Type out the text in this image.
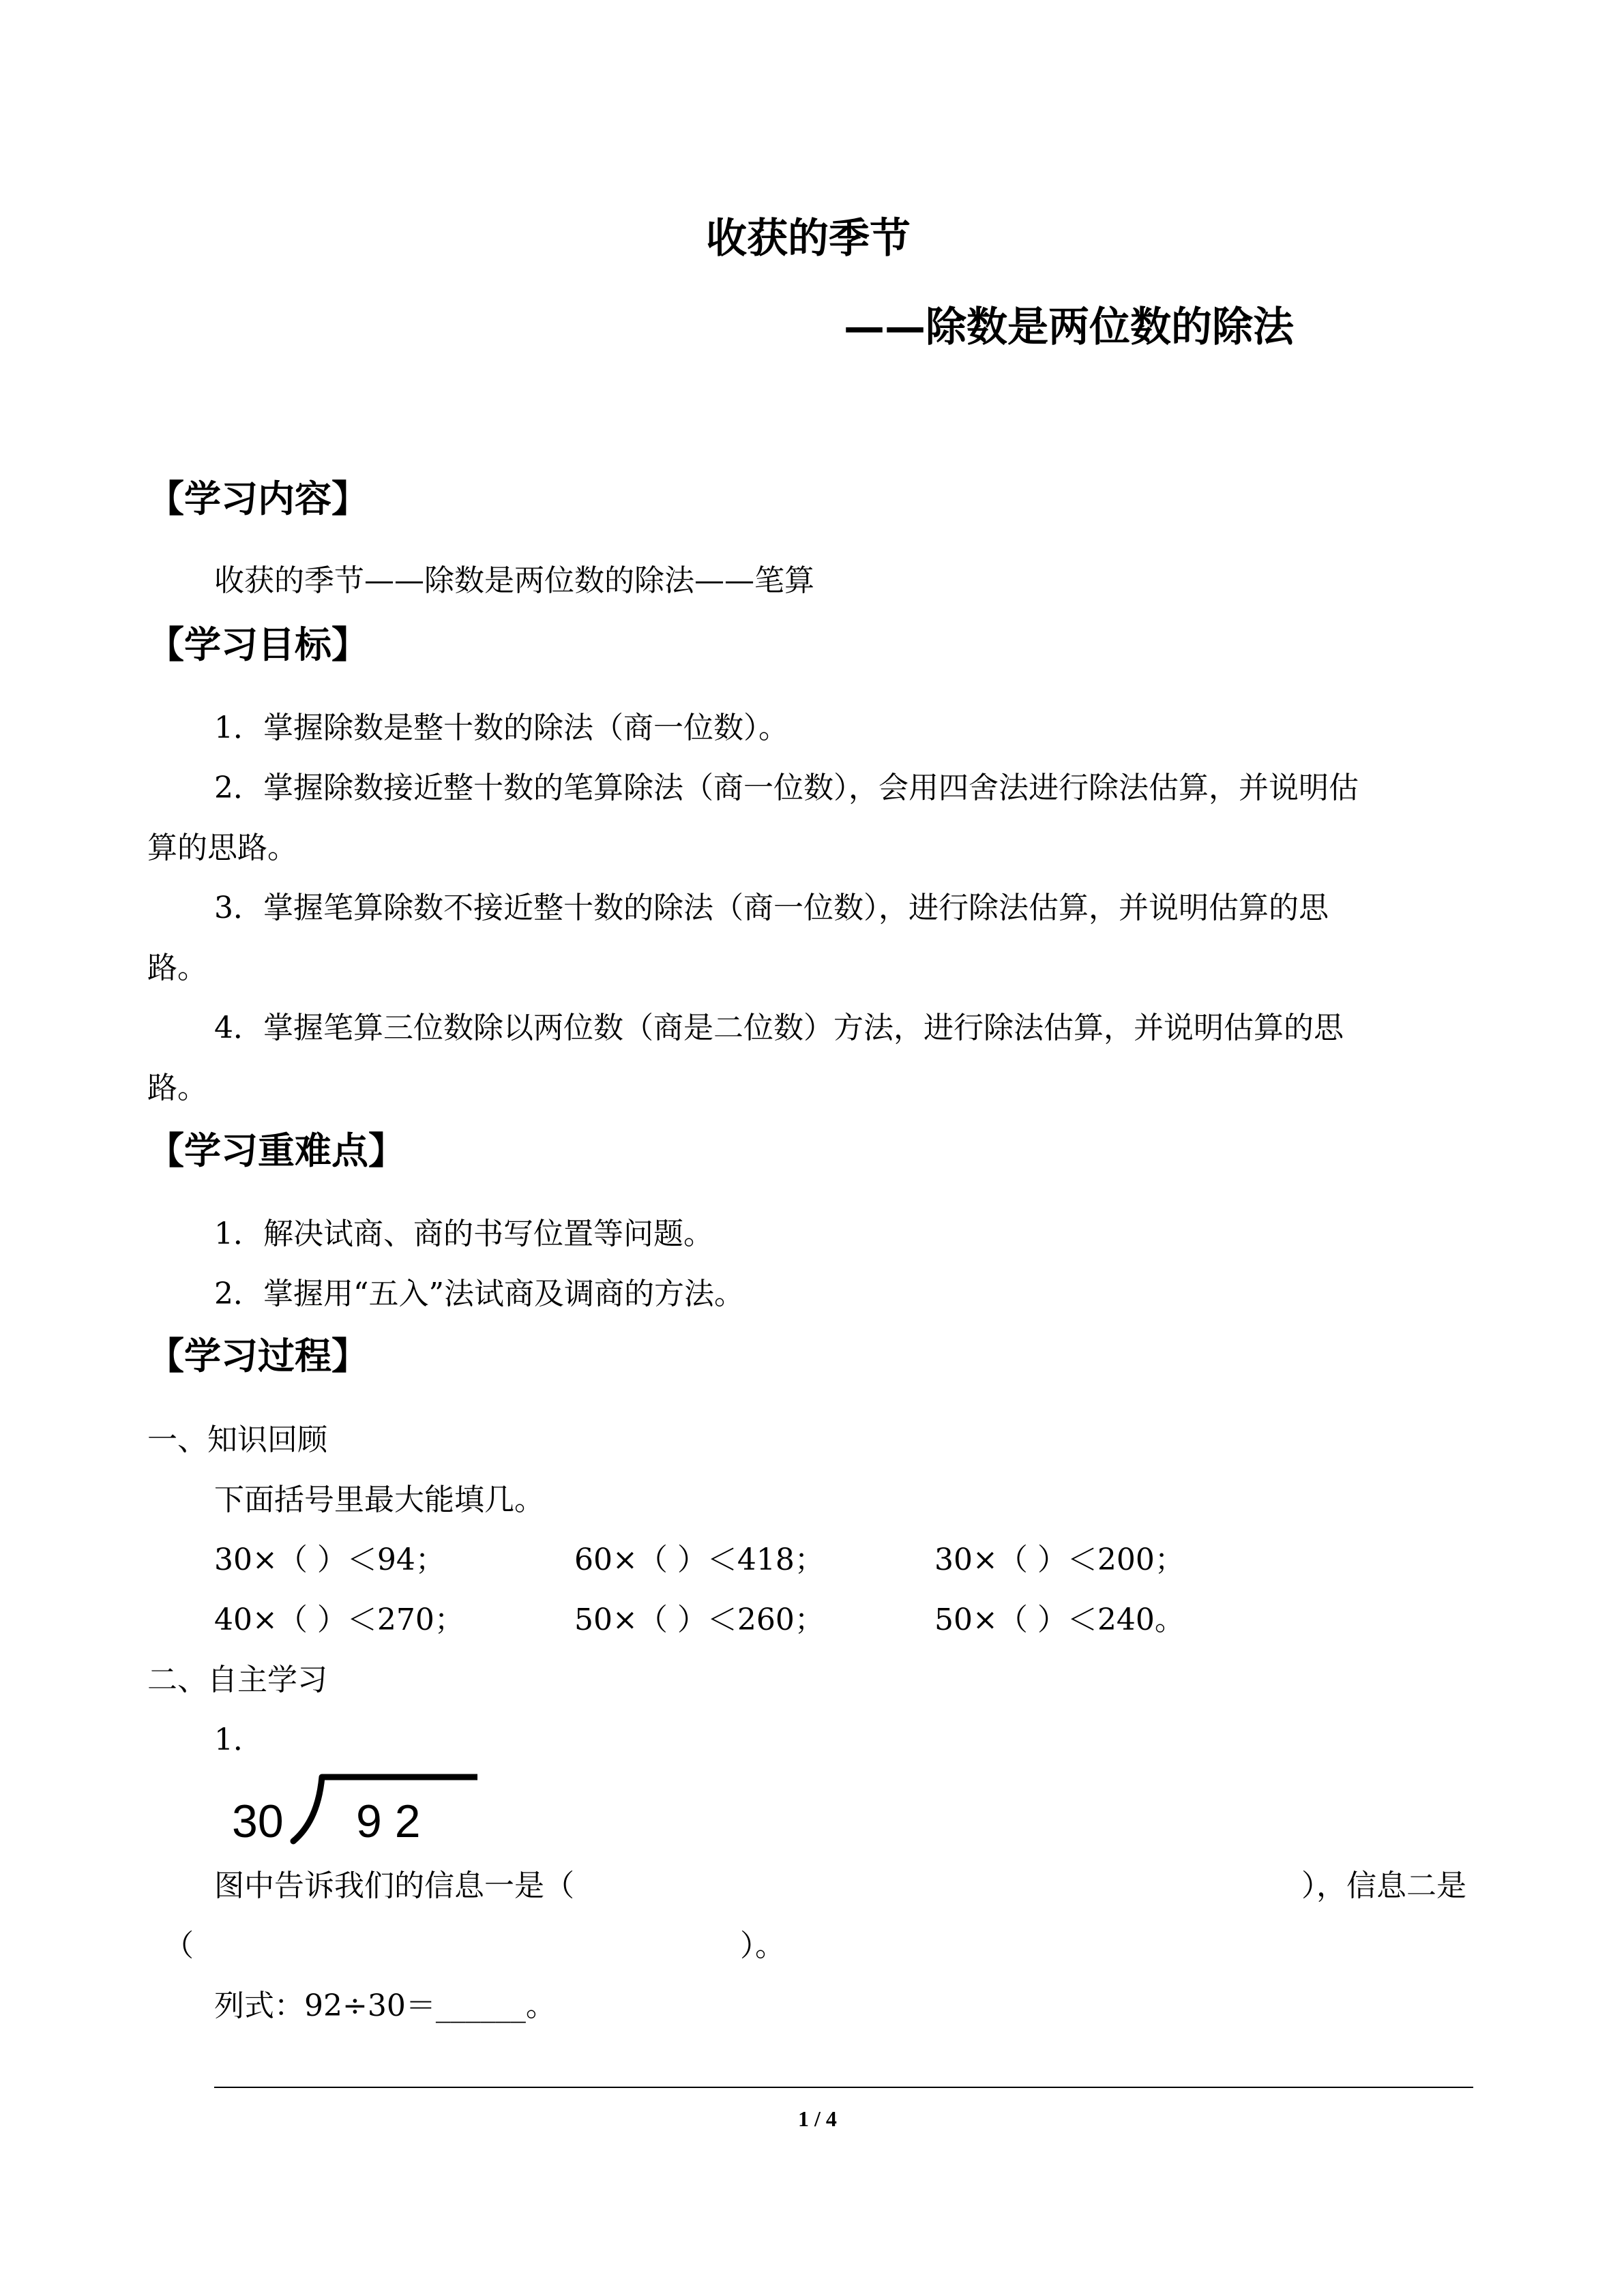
收获的季节
——除数是两位数的除法
【学习内容】
收获的季节——除数是两位数的除法——笔算
【学习目标】
1．掌握除数是整十数的除法（商一位数）。
2．掌握除数接近整十数的笔算除法（商一位数），会用四舍法进行除法估算，并说明估
算的思路。
3．掌握笔算除数不接近整十数的除法（商一位数），进行除法估算，并说明估算的思
路。
4．掌握笔算三位数除以两位数（商是二位数）方法，进行除法估算，并说明估算的思
路。
【学习重难点】
1．解决试商、商的书写位置等问题。
2．掌握用“五入”法试商及调商的方法。
【学习过程】
一、知识回顾
下面括号里最大能填几。
30×（ ）＜94；	60×（ ）＜418；	30×（ ）＜200；
40×（ ）＜270；	50×（ ）＜260；	50×（ ）＜240。
二、自主学习
1．
30 9 2
图中告诉我们的信息一是（	），信息二是
（	）。
列式：92÷30＝______。
1 / 4
